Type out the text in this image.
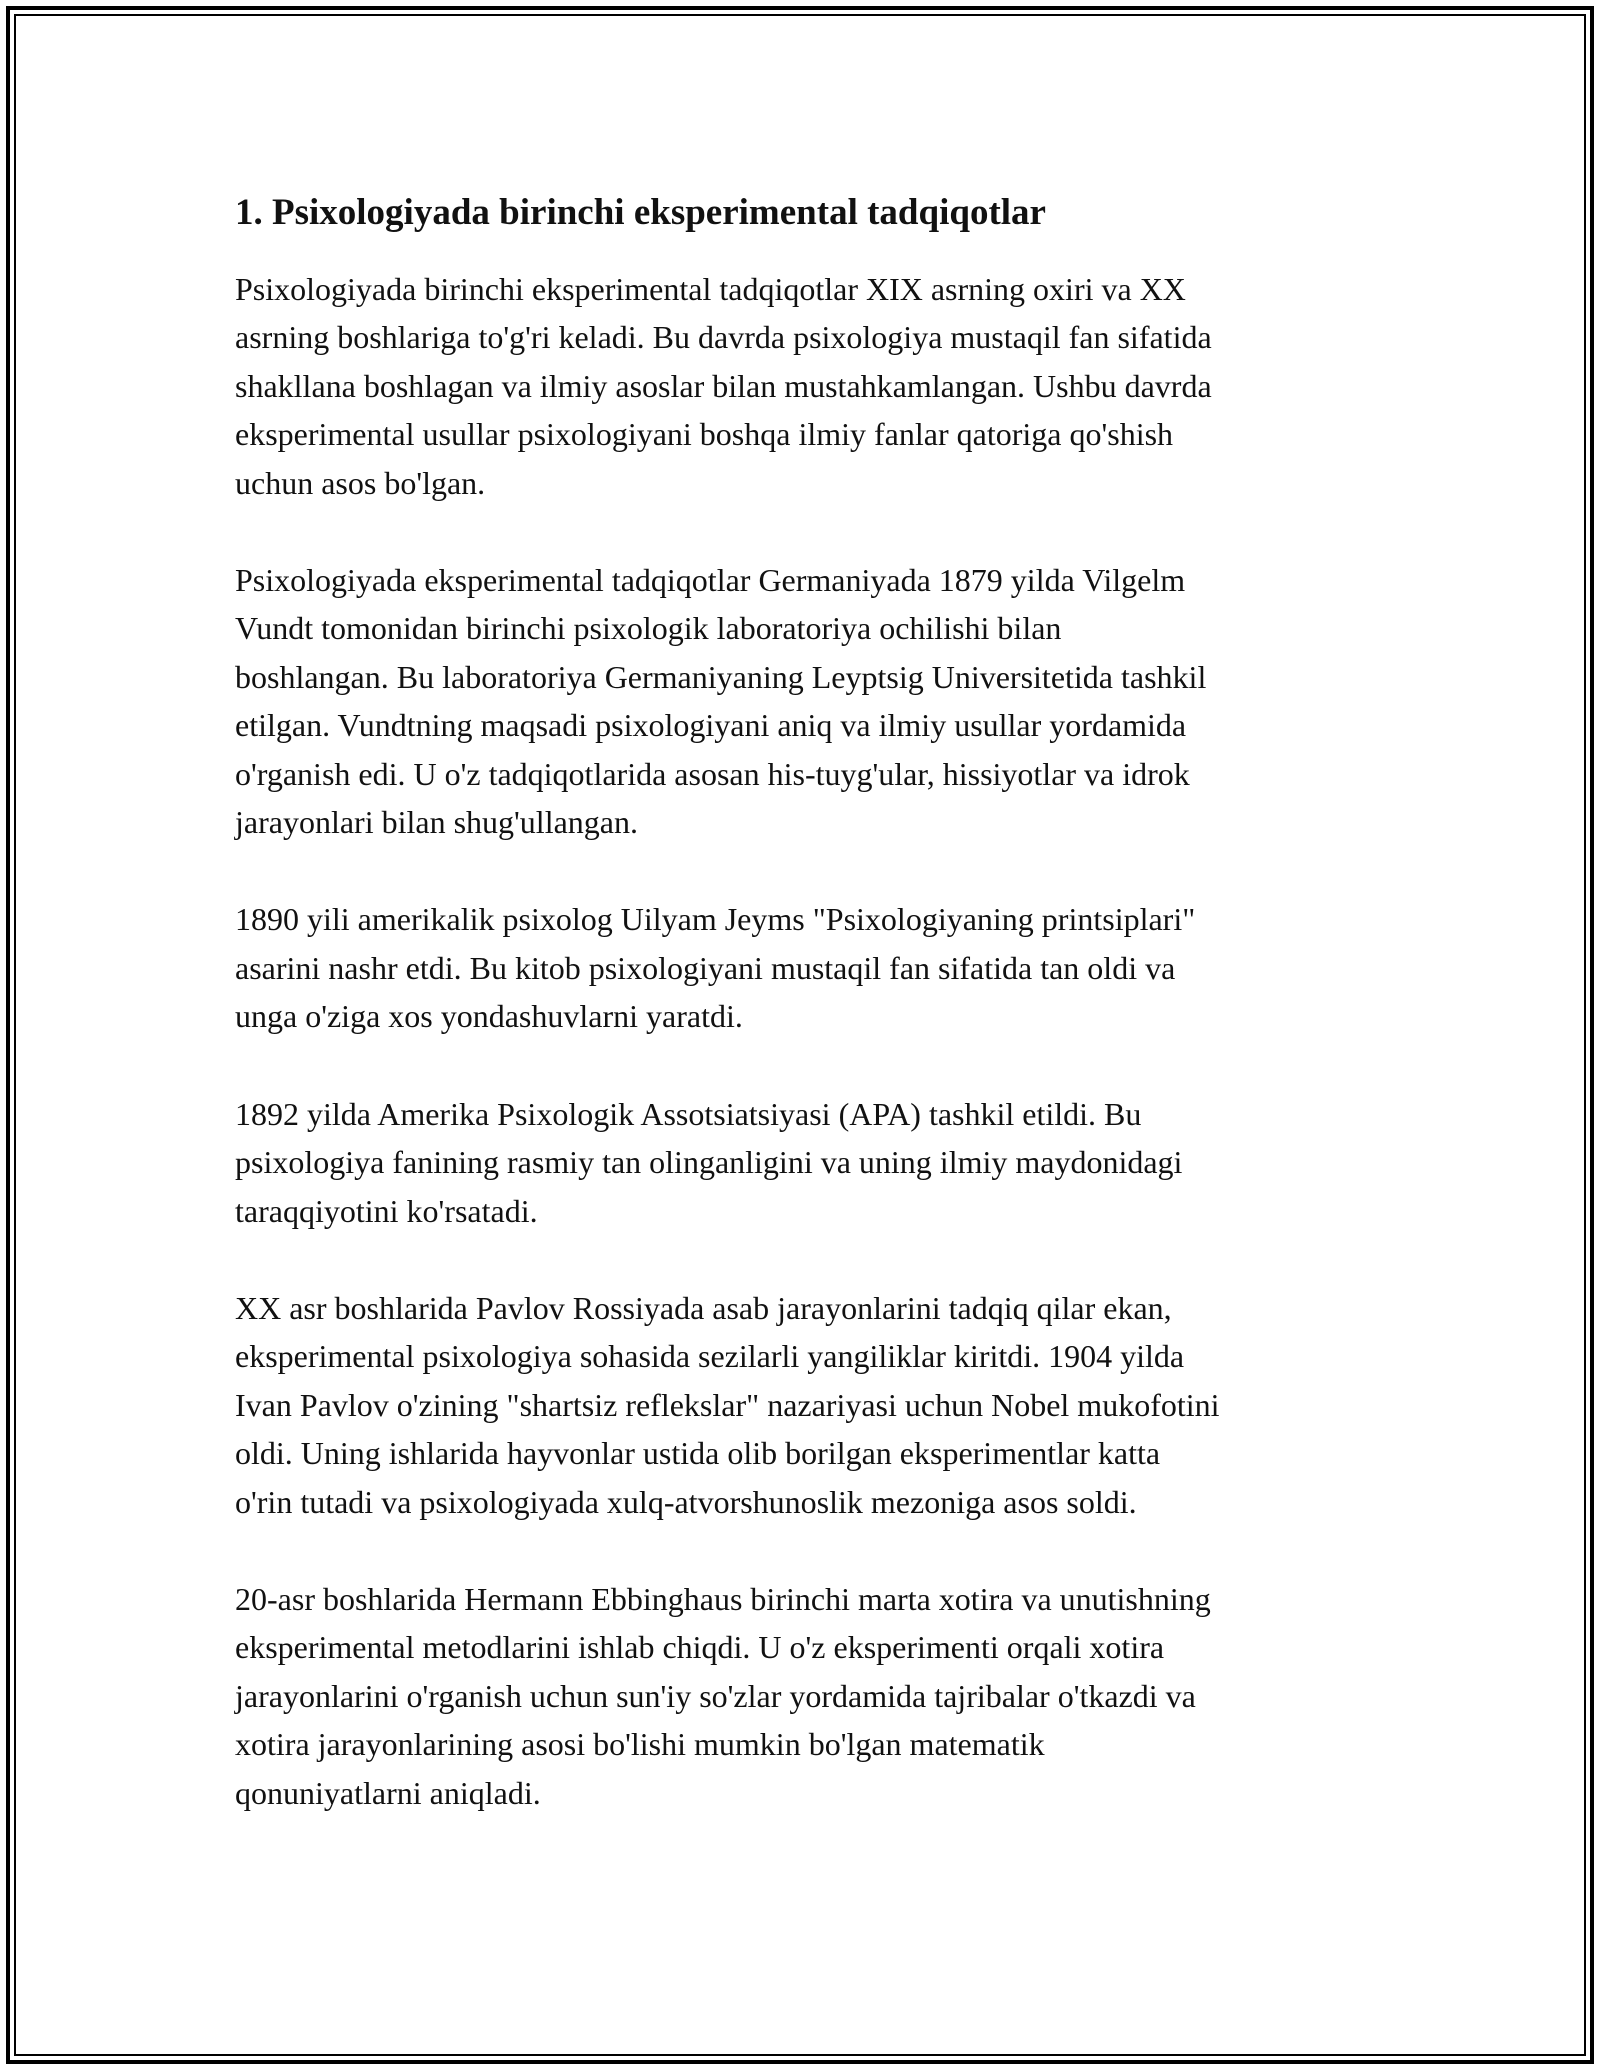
1. Psixologiyada birinchi eksperimental tadqiqotlar

Psixologiyada birinchi eksperimental tadqiqotlar XIX asrning oxiri va XX
asrning boshlariga to'g'ri keladi. Bu davrda psixologiya mustaqil fan sifatida
shakllana boshlagan va ilmiy asoslar bilan mustahkamlangan. Ushbu davrda
eksperimental usullar psixologiyani boshqa ilmiy fanlar qatoriga qo'shish
uchun asos bo'lgan.

Psixologiyada eksperimental tadqiqotlar Germaniyada 1879 yilda Vilgelm
Vundt tomonidan birinchi psixologik laboratoriya ochilishi bilan
boshlangan. Bu laboratoriya Germaniyaning Leyptsig Universitetida tashkil
etilgan. Vundtning maqsadi psixologiyani aniq va ilmiy usullar yordamida
o'rganish edi. U o'z tadqiqotlarida asosan his-tuyg'ular, hissiyotlar va idrok
jarayonlari bilan shug'ullangan.

1890 yili amerikalik psixolog Uilyam Jeyms "Psixologiyaning printsiplari"
asarini nashr etdi. Bu kitob psixologiyani mustaqil fan sifatida tan oldi va
unga o'ziga xos yondashuvlarni yaratdi.

1892 yilda Amerika Psixologik Assotsiatsiyasi (APA) tashkil etildi. Bu
psixologiya fanining rasmiy tan olinganligini va uning ilmiy maydonidagi
taraqqiyotini ko'rsatadi.

XX asr boshlarida Pavlov Rossiyada asab jarayonlarini tadqiq qilar ekan,
eksperimental psixologiya sohasida sezilarli yangiliklar kiritdi. 1904 yilda
Ivan Pavlov o'zining "shartsiz reflekslar" nazariyasi uchun Nobel mukofotini
oldi. Uning ishlarida hayvonlar ustida olib borilgan eksperimentlar katta
o'rin tutadi va psixologiyada xulq-atvorshunoslik mezoniga asos soldi.

20-asr boshlarida Hermann Ebbinghaus birinchi marta xotira va unutishning
eksperimental metodlarini ishlab chiqdi. U o'z eksperimenti orqali xotira
jarayonlarini o'rganish uchun sun'iy so'zlar yordamida tajribalar o'tkazdi va
xotira jarayonlarining asosi bo'lishi mumkin bo'lgan matematik
qonuniyatlarni aniqladi.
